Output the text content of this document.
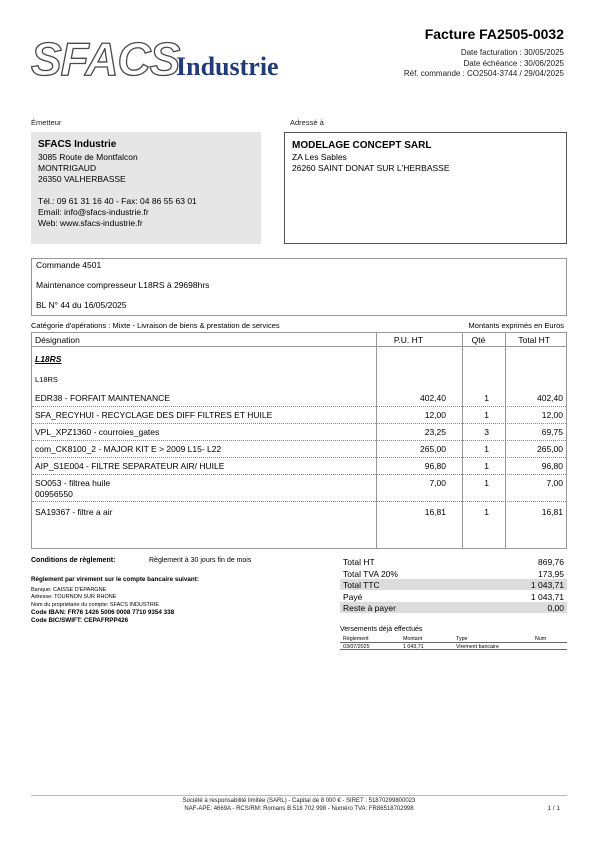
SFACS
Industrie
Facture FA2505-0032
Date facturation : 30/05/2025
Date échéance : 30/06/2025
Réf. commande : CO2504-3744 / 29/04/2025
Émetteur	Adressé à
SFACS Industrie
3085 Route de Montfalcon
MONTRIGAUD
26350 VALHERBASSE
Tél.: 09 61 31 16 40 - Fax: 04 86 55 63 01
Email: info@sfacs-industrie.fr
Web: www.sfacs-industrie.fr
MODELAGE CONCEPT SARL
ZA Les Sables
26260 SAINT DONAT SUR L'HERBASSE
Commande 4501
Maintenance compresseur L18RS à 29698hrs
BL N° 44 du 16/05/2025
Catégorie d'opérations : Mixte - Livraison de biens & prestation de services	Montants exprimés en Euros
Désignation	P.U. HT	Qté	Total HT
L18RS
L18RS
EDR38 - FORFAIT MAINTENANCE	402,40	1	402,40
SFA_RECYHUI - RECYCLAGE DES DIFF FILTRES ET HUILE	12,00	1	12,00
VPL_XPZ1360 - courroies_gates	23,25	3	69,75
com_CK8100_2 - MAJOR KIT E > 2009 L15- L22	265,00	1	265,00
AIP_S1E004 - FILTRE SEPARATEUR AIR/ HUILE	96,80	1	96,80
SO053 - filtrea huile
00956550
7,00	1	7,00
SA19367 - filtre a air	16,81	1	16,81
Conditions de règlement:	Règlement à 30 jours fin de mois
Règlement par virement sur le compte bancaire suivant:
Banque: CAISSE D'EPARGNE
Adresse: TOURNON SUR RHONE
Nom du propriétaire du compte: SFACS INDUSTRIE
Code IBAN: FR76 1426 5006 0008 7710 9354 338
Code BIC/SWIFT: CEPAFRPP426
Total HT	869,76
Total TVA 20%	173,95
Total TTC	1 043,71
Payé	1 043,71
Reste à payer	0,00
Versements déjà effectués
Règlement	Montant	Type	Num
03/07/2025	1 043,71	Virement bancaire
Société à responsabilité limitée (SARL) - Capital de 8 000 € - SIRET : 51870299800023
NAF-APE: 4669A - RCS/RM: Romans B 518 702 998 - Numéro TVA: FR86518702998	1 / 1
